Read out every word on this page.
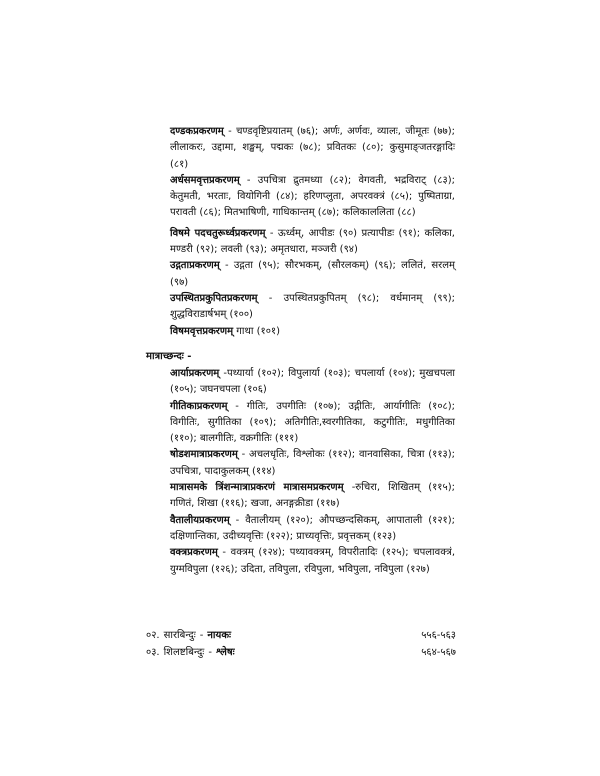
दण्डकप्रकरणम् - चण्डवृष्टिप्रयातम् (७६); अर्णः, अर्णवः, व्यालः, जीमूतः (७७); लीलाकरः, उद्दामा, शङ्खम्, पद्मकः (७८); प्रवितकः (८०); कुसुमाङ्जतरङ्गादिः (८१)

अर्धसमवृत्तप्रकरणम् - उपचित्रा द्रुतमध्या (८२); वेगवती, भद्रविराट् (८३); केतुमती, भरताः, वियोगिनी (८४); हरिणप्लुता, अपरवक्त्रं (८५); पुष्पिताग्रा, परावती (८६); मितभाषिणी, गाधिकान्तम् (८७); कलिकाललिता (८८)

विषमे पदचतुरूर्ध्वप्रकरणम् - ऊर्ध्वम्, आपीडः (९०) प्रत्यापीडः (९१); कलिका, मण्डरी (९२); लवली (९३); अमृतधारा, मञ्जरी (९४)

उद्गताप्रकरणम् - उद्गता (९५); सौरभकम्, (सौरलकम्) (९६); ललितं, सरलम् (९७)

उपस्थितप्रकुपितप्रकरणम् - उपस्थितप्रकुपितम् (९८); वर्धमानम् (९९); शुद्धविराडार्षभम् (१००)

विषमवृत्तप्रकरणम् गाथा (१०१)

मात्राच्छन्दः -

आर्याप्रकरणम् -पथ्यार्या (१०२); विपुलार्या (१०३); चपलार्या (१०४); मुखचपला (१०५); जघनचपला (१०६)

गीतिकाप्रकरणम् - गीतिः, उपगीतिः (१०७); उद्गीतिः, आर्यागीतिः (१०८); विगीतिः, सुगीतिका (१०९); अतिगीतिः,स्वरगीतिका, कटुगीतिः, मधुगीतिका (११०); बालगीतिः, वक्रगीतिः (१११)

षोडशमात्राप्रकरणम् - अचलधृतिः, विश्लोकः (११२); वानवासिका, चित्रा (११३); उपचित्रा, पादाकुलकम् (११४)

मात्रासमके त्रिंशन्मात्राप्रकरणं मात्रासमप्रकरणम् -रुचिरा, शिखितम् (११५); गणितं, शिखा (११६); खजा, अनङ्गक्रीडा (११७)

वैतालीयप्रकरणम् - वैतालीयम् (१२०); औपच्छन्दसिकम्, आपाताली (१२१); दक्षिणान्तिका, उदीच्यवृत्तिः (१२२); प्राच्यवृत्तिः, प्रवृत्तकम् (१२३)

वक्त्रप्रकरणम् - वक्त्रम् (१२४); पथ्यावक्त्रम्, विपरीतादिः (१२५); चपलावक्त्रं, युग्मविपुला (१२६); उदिता, तविपुला, रविपुला, भविपुला, नविपुला (१२७)

०२. सारबिन्दुः - नायकः	५५६-५६३
०३. शिलष्टबिन्दुः - श्लेषः	५६४-५६७
